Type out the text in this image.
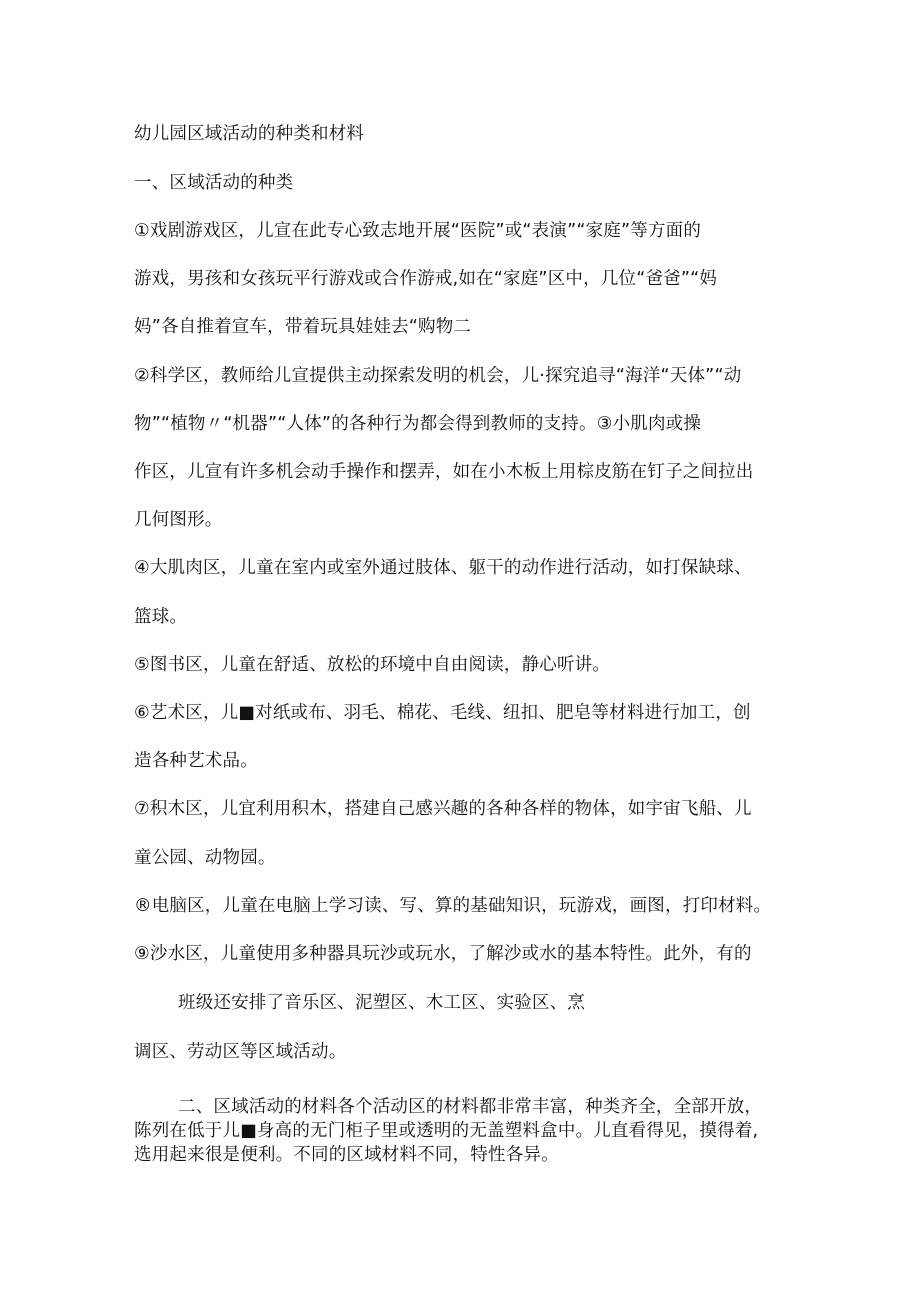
幼儿园区域活动的种类和材料
一、区域活动的种类
①戏剧游戏区，儿宣在此专心致志地开展“医院”或“表演”“家庭”等方面的
游戏，男孩和女孩玩平行游戏或合作游戒,如在“家庭”区中，几位“爸爸”“妈
妈”各自推着宣车，带着玩具娃娃去“购物二
②科学区，教师给儿宣提供主动探索发明的机会，儿·探究追寻“海洋“天体”“动
物”“植物〃“机器”“人体”的各种行为都会得到教师的支持。③小肌肉或操
作区，儿宣有许多机会动手操作和摆弄，如在小木板上用棕皮筋在钉子之间拉出
几何图形。
④大肌肉区，儿童在室内或室外通过肢体、躯干的动作进行活动，如打保缺球、
篮球。
⑤图书区，儿童在舒适、放松的环境中自由阅读，静心听讲。
⑥艺术区，儿■对纸或布、羽毛、棉花、毛线、纽扣、肥皂等材料进行加工，创
造各种艺术品。
⑦积木区，儿宜利用积木，搭建自己感兴趣的各种各样的物体，如宇宙飞船、儿
童公园、动物园。
®电脑区，儿童在电脑上学习读、写、算的基础知识，玩游戏，画图，打印材料。
⑨沙水区，儿童使用多种器具玩沙或玩水，了解沙或水的基本特性。此外，有的
班级还安排了音乐区、泥塑区、木工区、实验区、烹
调区、劳动区等区域活动。
二、区域活动的材料各个活动区的材料都非常丰富，种类齐全，全部开放，
陈列在低于儿■身高的无门柜子里或透明的无盖塑料盒中。儿直看得见，摸得着,
选用起来很是便利。不同的区域材料不同，特性各异。
